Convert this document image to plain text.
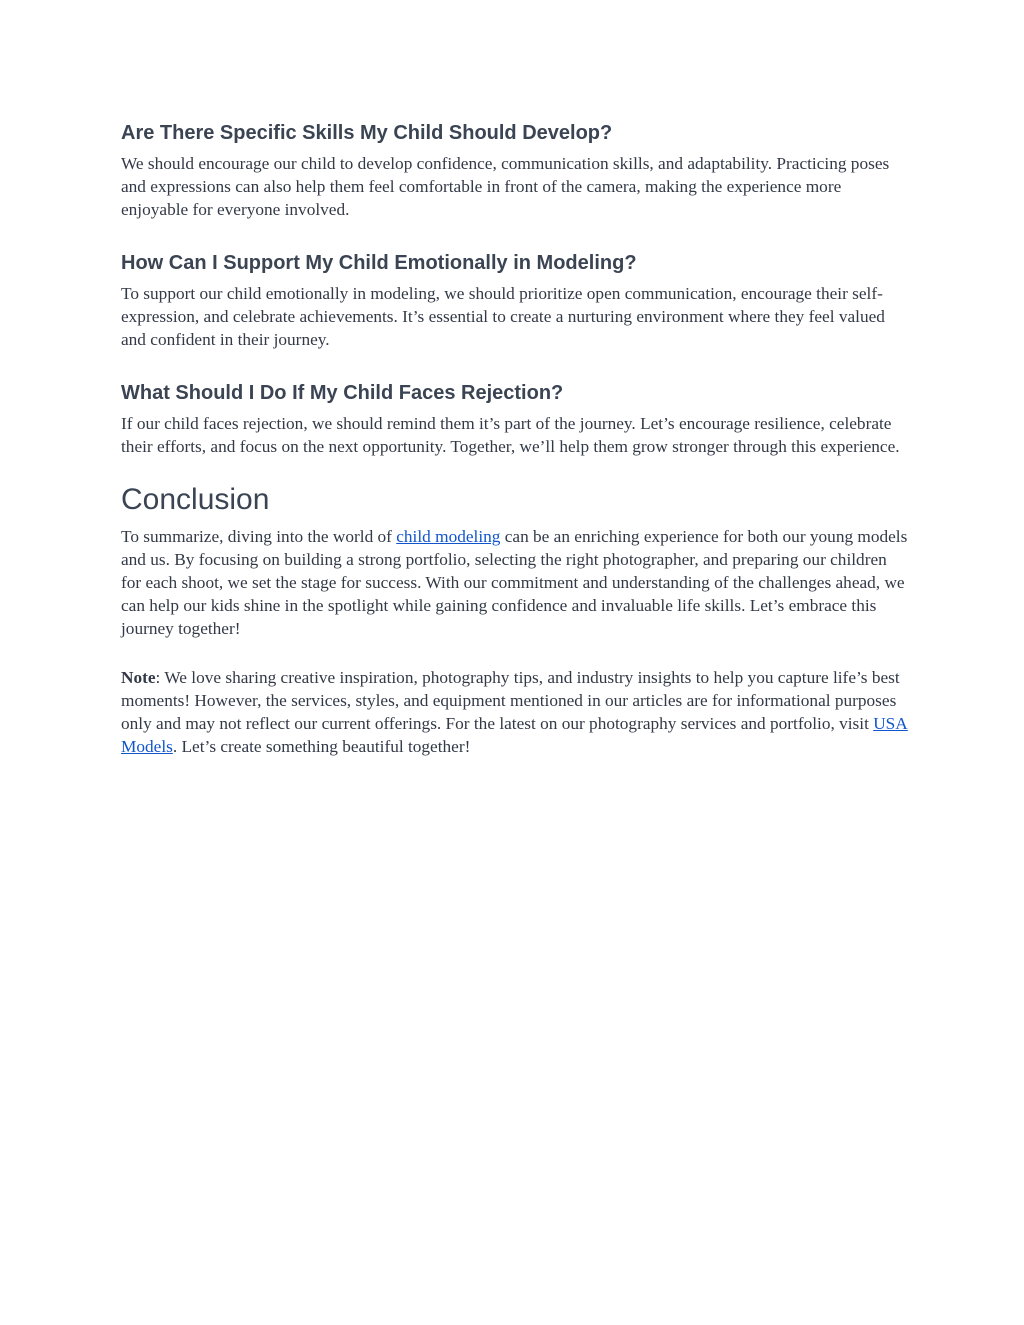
Are There Specific Skills My Child Should Develop?

We should encourage our child to develop confidence, communication skills, and adaptability. Practicing poses and expressions can also help them feel comfortable in front of the camera, making the experience more enjoyable for everyone involved.

How Can I Support My Child Emotionally in Modeling?

To support our child emotionally in modeling, we should prioritize open communication, encourage their self-expression, and celebrate achievements. It’s essential to create a nurturing environment where they feel valued and confident in their journey.

What Should I Do If My Child Faces Rejection?

If our child faces rejection, we should remind them it’s part of the journey. Let’s encourage resilience, celebrate their efforts, and focus on the next opportunity. Together, we’ll help them grow stronger through this experience.

Conclusion

To summarize, diving into the world of child modeling can be an enriching experience for both our young models and us. By focusing on building a strong portfolio, selecting the right photographer, and preparing our children for each shoot, we set the stage for success. With our commitment and understanding of the challenges ahead, we can help our kids shine in the spotlight while gaining confidence and invaluable life skills. Let’s embrace this journey together!

Note: We love sharing creative inspiration, photography tips, and industry insights to help you capture life’s best moments! However, the services, styles, and equipment mentioned in our articles are for informational purposes only and may not reflect our current offerings. For the latest on our photography services and portfolio, visit USA Models. Let’s create something beautiful together!
